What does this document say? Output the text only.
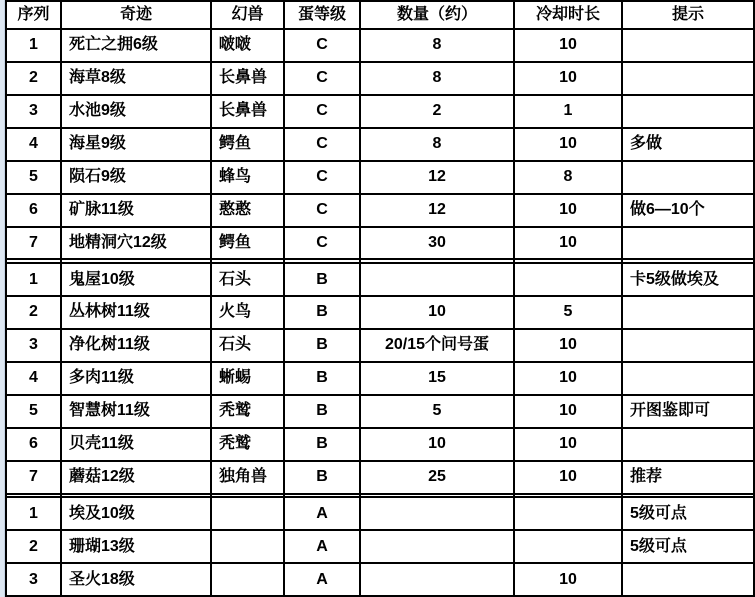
序列	奇迹	幻兽	蛋等级	数量（约）	冷却时长	提示
1	死亡之拥6级	啵啵	C	8	10	
2	海草8级	长鼻兽	C	8	10	
3	水池9级	长鼻兽	C	2	1	
4	海星9级	鳄鱼	C	8	10	多做
5	陨石9级	蜂鸟	C	12	8	
6	矿脉11级	憨憨	C	12	10	做6—10个
7	地精洞穴12级	鳄鱼	C	30	10	

1	鬼屋10级	石头	B			卡5级做埃及
2	丛林树11级	火鸟	B	10	5	
3	净化树11级	石头	B	20/15个问号蛋	10	
4	多肉11级	蜥蜴	B	15	10	
5	智慧树11级	秃鹫	B	5	10	开图鉴即可
6	贝壳11级	秃鹫	B	10	10	
7	蘑菇12级	独角兽	B	25	10	推荐

1	埃及10级		A			5级可点
2	珊瑚13级		A			5级可点
3	圣火18级		A		10	
